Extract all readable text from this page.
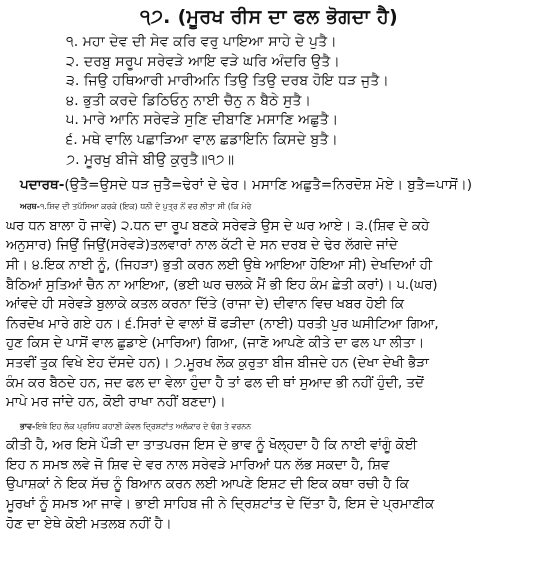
੧੭. (ਮੂਰਖ ਰੀਸ ਦਾ ਫਲ ਭੋਗਦਾ ਹੈ)
੧. ਮਹਾ ਦੇਵ ਦੀ ਸੇਵ ਕਰਿ ਵਰੁ ਪਾਇਆ ਸਾਹੇ ਦੇ ਪੁਤੈ।
੨. ਦਰਬੁ ਸਰੂਪ ਸਰੇਵੜੇ ਆਇ ਵੜੇ ਘਰਿ ਅੰਦਰਿ ਉਤੈ।
੩. ਜਿਉ ਹਥਿਆਰੀ ਮਾਰੀਅਨਿ ਤਿਉ ਤਿਉ ਦਰਬ ਹੋਇ ਧੜ ਜੁਤੈ।
੪. ਭੁਤੀ ਕਰਦੇ ਡਿਠਿਓਨੁ ਨਾਈ ਚੈਨੁ ਨ ਬੈਠੇ ਸੁਤੈ।
੫. ਮਾਰੇ ਆਨਿ ਸਰੇਵੜੇ ਸੁਣਿ ਦੀਬਾਣਿ ਮਸਾਣਿ ਅਛੁਤੈ।
੬. ਮਥੇ ਵਾਲਿ ਪਛਾੜਿਆ ਵਾਲ ਛਡਾਇਨਿ ਕਿਸਦੇ ਬੁਤੈ।
੭. ਮੂਰਖੁ ਬੀਜੇ ਬੀਉ ਕੁਰੁਤੈ॥੧੭॥
ਪਦਾਰਥ-(ਉਤੈ=ਉਸਦੇ ਧੜ ਜੁਤੈ=ਢੇਰਾਂ ਦੇ ਢੇਰ। ਮਸਾਣਿ ਅਛੁਤੈ=ਨਿਰਦੋਸ਼ ਮੋਏ। ਬੁਤੈ=ਪਾਸੋਂ।)
ਅਰਥ-੧.ਸ਼ਿਵ ਦੀ ਤਪੱਸਿਆ ਕਰਕੇ (ਇਕ) ਧਨੀ ਦੇ ਪੁਤ੍ਰ ਨੇਂ ਵਰ ਲੀਤਾ ਸੀ (ਕਿ ਮੇਰੇ
ਘਰ ਧਨ ਬਾਲਾ ਹੋ ਜਾਵੇ) ੨.ਧਨ ਦਾ ਰੂਪ ਬਣਕੇ ਸਰੇਵੜੇ ਉਸ ਦੇ ਘਰ ਆਏ। ੩.(ਸ਼ਿਵ ਦੇ ਕਹੇ
ਅਨੁਸਾਰ) ਜਿਉਂ ਜਿਉਂ(ਸਰੇਵੜੇ)ਤਲਵਾਰਾਂ ਨਾਲ ਕੱਟੀ ਦੇ ਸਨ ਦਰਬ ਦੇ ਢੇਰ ਲੱਗਦੇ ਜਾਂਦੇ
ਸੀ। ੪.ਇਕ ਨਾਈ ਨੂੰ, (ਜਿਹੜਾ) ਭੁਤੀ ਕਰਨ ਲਈ ਉਥੇ ਆਇਆ ਹੋਇਆ ਸੀ) ਦੇਖਦਿਆਂ ਹੀ
ਬੈਠਿਆਂ ਸੁਤਿਆਂ ਚੈਨ ਨਾ ਆਇਆ, (ਭਈ ਘਰ ਚਲਕੇ ਮੈਂ ਭੀ ਇਹ ਕੰਮ ਛੇਤੀ ਕਰਾਂ)। ੫.(ਘਰ)
ਆਂਵਦੇ ਹੀ ਸਰੇਵੜੇ ਬੁਲਾਕੇ ਕਤਲ ਕਰਨਾ ਦਿੱਤੇ (ਰਾਜਾ ਦੇ) ਦੀਵਾਨ ਵਿਚ ਖਬਰ ਹੋਈ ਕਿ
ਨਿਰਦੋਖ ਮਾਰੇ ਗਏ ਹਨ। ੬.ਸਿਰਾਂ ਦੇ ਵਾਲਾਂ ਥੋਂ ਫੜੀਦਾ (ਨਾਈ) ਧਰਤੀ ਪੁਰ ਘਸੀਟਿਆ ਗਿਆ,
ਹੁਣ ਕਿਸ ਦੇ ਪਾਸੋਂ ਵਾਲ ਛੁਡਾਏ (ਮਾਰਿਆ) ਗਿਆ, (ਜਾਣੋ ਆਪਣੇ ਕੀਤੇ ਦਾ ਫਲ ਪਾ ਲੀਤਾ।
ਸਤਵੀਂ ਤੁਕ ਵਿਖੇ ਏਹ ਦੱਸਦੇ ਹਨ)। ੭.ਮੂਰਖ ਲੋਕ ਕੁਰੁਤਾ ਬੀਜ ਬੀਜਦੇ ਹਨ (ਦੇਖਾ ਦੇਖੀ ਭੈੜਾ
ਕੰਮ ਕਰ ਬੈਠਦੇ ਹਨ, ਜਦ ਫਲ ਦਾ ਵੇਲਾ ਹੁੰਦਾ ਹੈ ਤਾਂ ਫਲ ਦੀ ਥਾਂ ਸੁਆਦ ਭੀ ਨਹੀਂ ਹੁੰਦੀ, ਤਦੋਂ
ਮਾਪੇ ਮਰ ਜਾਂਦੇ ਹਨ, ਕੋਈ ਰਾਖਾ ਨਹੀਂ ਬਣਦਾ)।
ਭਾਵ-ਇਥੇ ਇਹ ਲੋਕ ਪ੍ਰਸਿਧ ਕਹਾਣੀ ਕੇਵਲ ਦ੍ਰਿਸ਼ਟਾਂਤ ਅਲੰਕਾਰ ਦੇ ਢੰਗ ਤੇ ਵਰਨਨ
ਕੀਤੀ ਹੈ, ਅਰ ਇਸੇ ਪੌੜੀ ਦਾ ਤਾਤਪਰਜ ਇਸ ਦੇ ਭਾਵ ਨੂੰ ਖੋਲ੍ਹਦਾ ਹੈ ਕਿ ਨਾਈ ਵਾਂਗੂੰ ਕੋਈ
ਇਹ ਨ ਸਮਝ ਲਵੇ ਜੋ ਸ਼ਿਵ ਦੇ ਵਰ ਨਾਲ ਸਰੇਵੜੇ ਮਾਰਿਆਂ ਧਨ ਲੱਭ ਸਕਦਾ ਹੈ, ਸ਼ਿਵ
ਉਪਾਸ਼ਕਾਂ ਨੇ ਇਕ ਸੱਚ ਨੂੰ ਬਿਆਨ ਕਰਨ ਲਈ ਆਪਣੇ ਇਸ਼ਟ ਦੀ ਇਕ ਕਥਾ ਰਚੀ ਹੈ ਕਿ
ਮੂਰਖਾਂ ਨੂੰ ਸਮਝ ਆ ਜਾਵੇ। ਭਾਈ ਸਾਹਿਬ ਜੀ ਨੇ ਦ੍ਰਿਸ਼ਟਾਂਤ ਦੇ ਦਿੱਤਾ ਹੈ, ਇਸ ਦੇ ਪ੍ਰਮਾਣੀਕ
ਹੋਣ ਦਾ ਏਥੇ ਕੋਈ ਮਤਲਬ ਨਹੀਂ ਹੈ।
